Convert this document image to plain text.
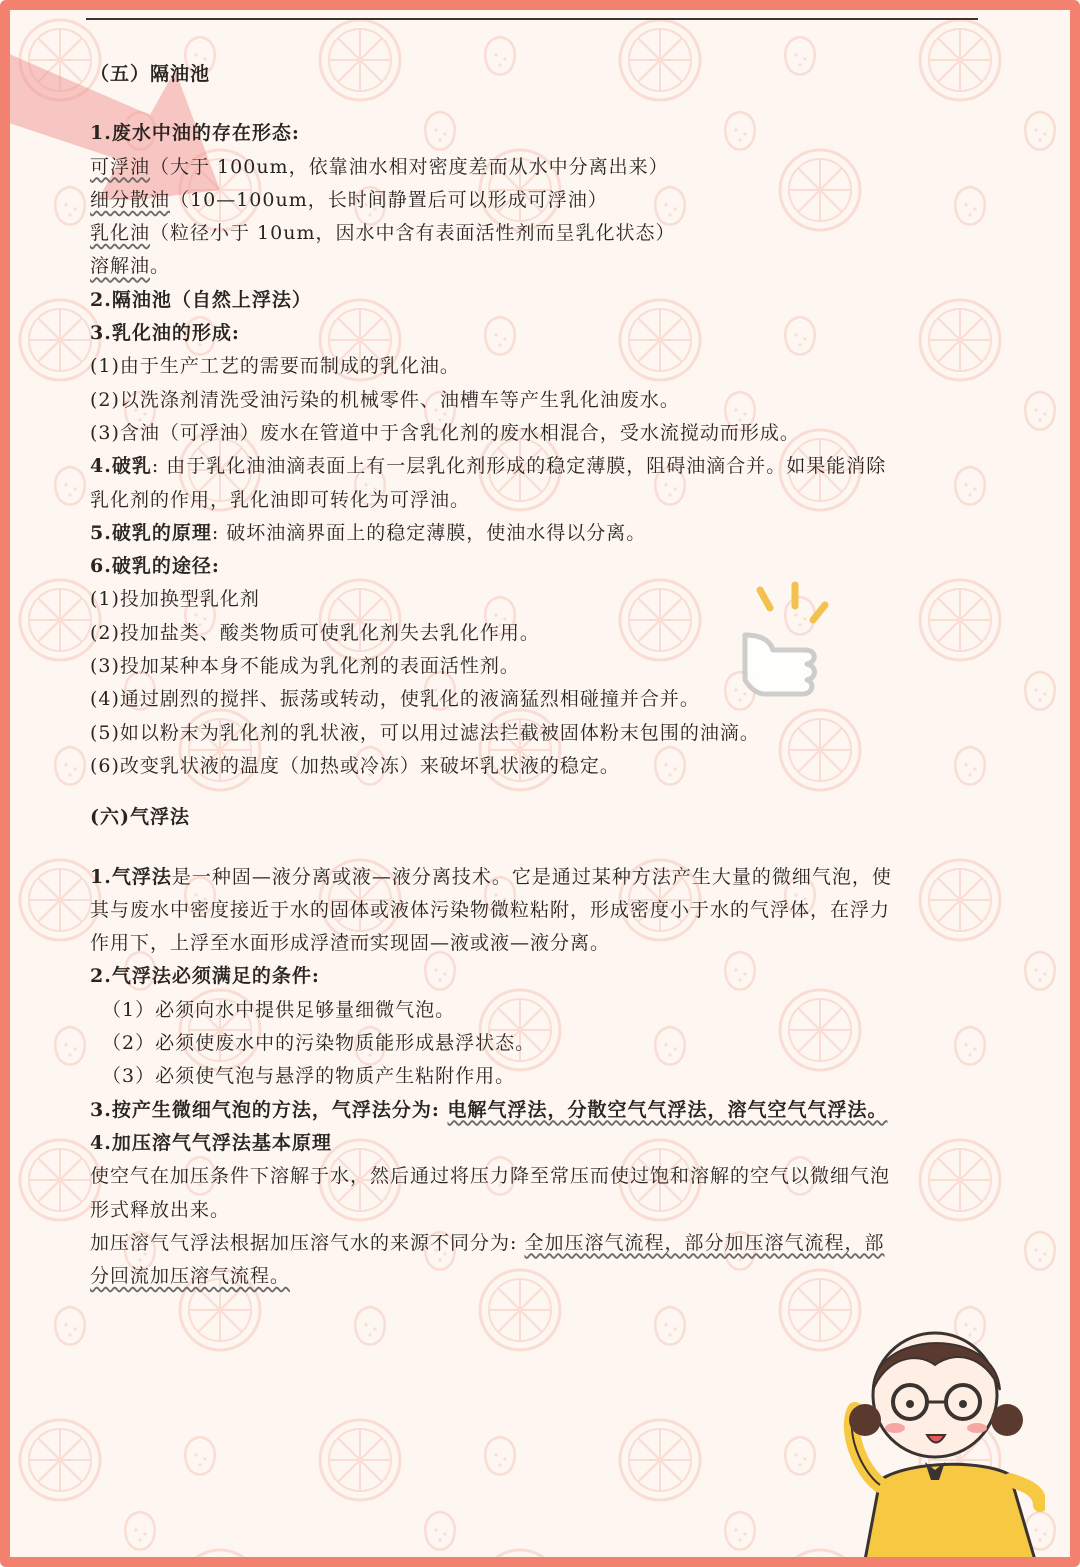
（五）隔油池
1.废水中油的存在形态:
可浮油（大于 100um，依靠油水相对密度差而从水中分离出来）
细分散油（10—100um，长时间静置后可以形成可浮油）
乳化油（粒径小于 10um，因水中含有表面活性剂而呈乳化状态）
溶解油。
2.隔油池（自然上浮法）
3.乳化油的形成:
(1)由于生产工艺的需要而制成的乳化油。
(2)以洗涤剂清洗受油污染的机械零件、油槽车等产生乳化油废水。
(3)含油（可浮油）废水在管道中于含乳化剂的废水相混合，受水流搅动而形成。
4.破乳: 由于乳化油油滴表面上有一层乳化剂形成的稳定薄膜，阻碍油滴合并。如果能消除
乳化剂的作用，乳化油即可转化为可浮油。
5.破乳的原理: 破坏油滴界面上的稳定薄膜，使油水得以分离。
6.破乳的途径:
(1)投加换型乳化剂
(2)投加盐类、酸类物质可使乳化剂失去乳化作用。
(3)投加某种本身不能成为乳化剂的表面活性剂。
(4)通过剧烈的搅拌、振荡或转动，使乳化的液滴猛烈相碰撞并合并。
(5)如以粉末为乳化剂的乳状液，可以用过滤法拦截被固体粉末包围的油滴。
(6)改变乳状液的温度（加热或冷冻）来破坏乳状液的稳定。
(六)气浮法
1.气浮法是一种固—液分离或液—液分离技术。它是通过某种方法产生大量的微细气泡，使
其与废水中密度接近于水的固体或液体污染物微粒粘附，形成密度小于水的气浮体，在浮力
作用下，上浮至水面形成浮渣而实现固—液或液—液分离。
2.气浮法必须满足的条件:
（1）必须向水中提供足够量细微气泡。
（2）必须使废水中的污染物质能形成悬浮状态。
（3）必须使气泡与悬浮的物质产生粘附作用。
3.按产生微细气泡的方法，气浮法分为: 电解气浮法，分散空气气浮法，溶气空气气浮法。
4.加压溶气气浮法基本原理
使空气在加压条件下溶解于水，然后通过将压力降至常压而使过饱和溶解的空气以微细气泡
形式释放出来。
加压溶气气浮法根据加压溶气水的来源不同分为: 全加压溶气流程，部分加压溶气流程，部
分回流加压溶气流程。
